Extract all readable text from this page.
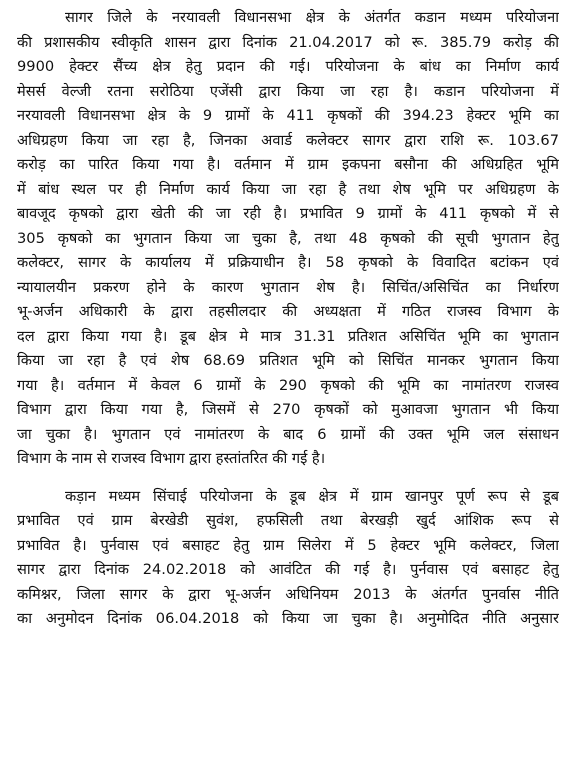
सागर जिले के नरयावली विधानसभा क्षेत्र के अंतर्गत कडान मध्यम परियोजना
की प्रशासकीय स्वीकृति शासन द्वारा दिनांक 21.04.2017 को रू. 385.79 करोड़ की
9900 हेक्टर सैंच्य क्षेत्र हेतु प्रदान की गई। परियोजना के बांध का निर्माण कार्य
मेसर्स वेल्जी रतना सरोठिया एजेंसी द्वारा किया जा रहा है। कडान परियोजना में
नरयावली विधानसभा क्षेत्र के 9 ग्रामों के 411 कृषकों की 394.23 हेक्टर भूमि का
अधिग्रहण किया जा रहा है, जिनका अवार्ड कलेक्टर सागर द्वारा राशि रू. 103.67
करोड़ का पारित किया गया है। वर्तमान में ग्राम इकपना बसौना की अधिग्रहित भूमि
में बांध स्थल पर ही निर्माण कार्य किया जा रहा है तथा शेष भूमि पर अधिग्रहण के
बावजूद कृषको द्वारा खेती की जा रही है। प्रभावित 9 ग्रामों के 411 कृषको में से
305 कृषको का भुगतान किया जा चुका है, तथा 48 कृषको की सूची भुगतान हेतु
कलेक्टर, सागर के कार्यालय में प्रक्रियाधीन है। 58 कृषको के विवादित बटांकन एवं
न्यायालयीन प्रकरण होने के कारण भुगतान शेष है। सिचिंत/असिचिंत का निर्धारण
भू-अर्जन अधिकारी के द्वारा तहसीलदार की अध्यक्षता में गठित राजस्व विभाग के
दल द्वारा किया गया है। डूब क्षेत्र मे मात्र 31.31 प्रतिशत असिचिंत भूमि का भुगतान
किया जा रहा है एवं शेष 68.69 प्रतिशत भूमि को सिचिंत मानकर भुगतान किया
गया है। वर्तमान में केवल 6 ग्रामों के 290 कृषको की भूमि का नामांतरण राजस्व
विभाग द्वारा किया गया है, जिसमें से 270 कृषकों को मुआवजा भुगतान भी किया
जा चुका है। भुगतान एवं नामांतरण के बाद 6 ग्रामों की उक्त भूमि जल संसाधन
विभाग के नाम से राजस्व विभाग द्वारा हस्तांतरित की गई है।
कड़ान मध्यम सिंचाई परियोजना के डूब क्षेत्र में ग्राम खानपुर पूर्ण रूप से डूब
प्रभावित एवं ग्राम बेरखेडी सुवंश, हफसिली तथा बेरखड़ी खुर्द आंशिक रूप से
प्रभावित है। पुर्नवास एवं बसाहट हेतु ग्राम सिलेरा में 5 हेक्टर भूमि कलेक्टर, जिला
सागर द्वारा दिनांक 24.02.2018 को आवंटित की गई है। पुर्नवास एवं बसाहट हेतु
कमिश्नर, जिला सागर के द्वारा भू-अर्जन अधिनियम 2013 के अंतर्गत पुनर्वास नीति
का अनुमोदन दिनांक 06.04.2018 को किया जा चुका है। अनुमोदित नीति अनुसार
